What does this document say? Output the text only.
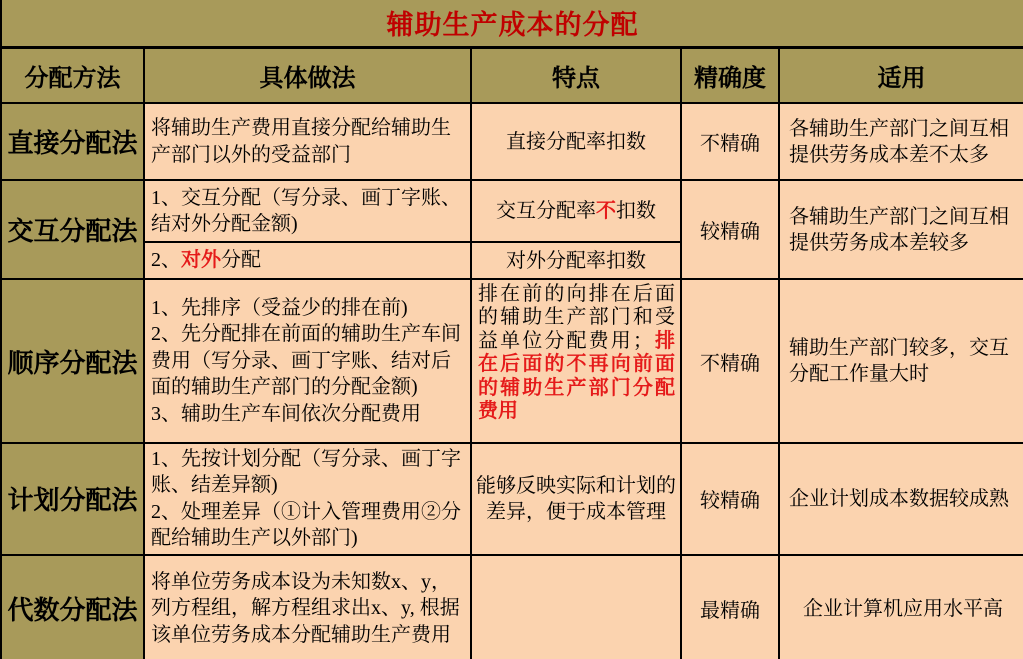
辅助生产成本的分配				
分配方法	具体做法	特点	精确度	适用
直接分配法	将辅助生产费用直接分配给辅助生产部门以外的受益部门	直接分配率扣数	不精确	各辅助生产部门之间互相提供劳务成本差不太多
交互分配法	1、交互分配（写分录、画丁字账、结对外分配金额)	交互分配率不扣数	较精确	各辅助生产部门之间互相提供劳务成本差较多
	2、对外分配	对外分配率扣数		
顺序分配法	1、先排序（受益少的排在前)
2、先分配排在前面的辅助生产车间费用（写分录、画丁字账、结对后面的辅助生产部门的分配金额)
3、辅助生产车间依次分配费用	排在前的向排在后面的辅助生产部门和受益单位分配费用；排在后面的不再向前面的辅助生产部门分配费用	不精确	辅助生产部门较多，交互分配工作量大时
计划分配法	1、先按计划分配（写分录、画丁字账、结差异额)
2、处理差异（①计入管理费用②分配给辅助生产以外部门)	能够反映实际和计划的差异，便于成本管理	较精确	企业计划成本数据较成熟
代数分配法	将单位劳务成本设为未知数x、y，列方程组，解方程组求出x、y, 根据该单位劳务成本分配辅助生产费用		最精确	企业计算机应用水平高
